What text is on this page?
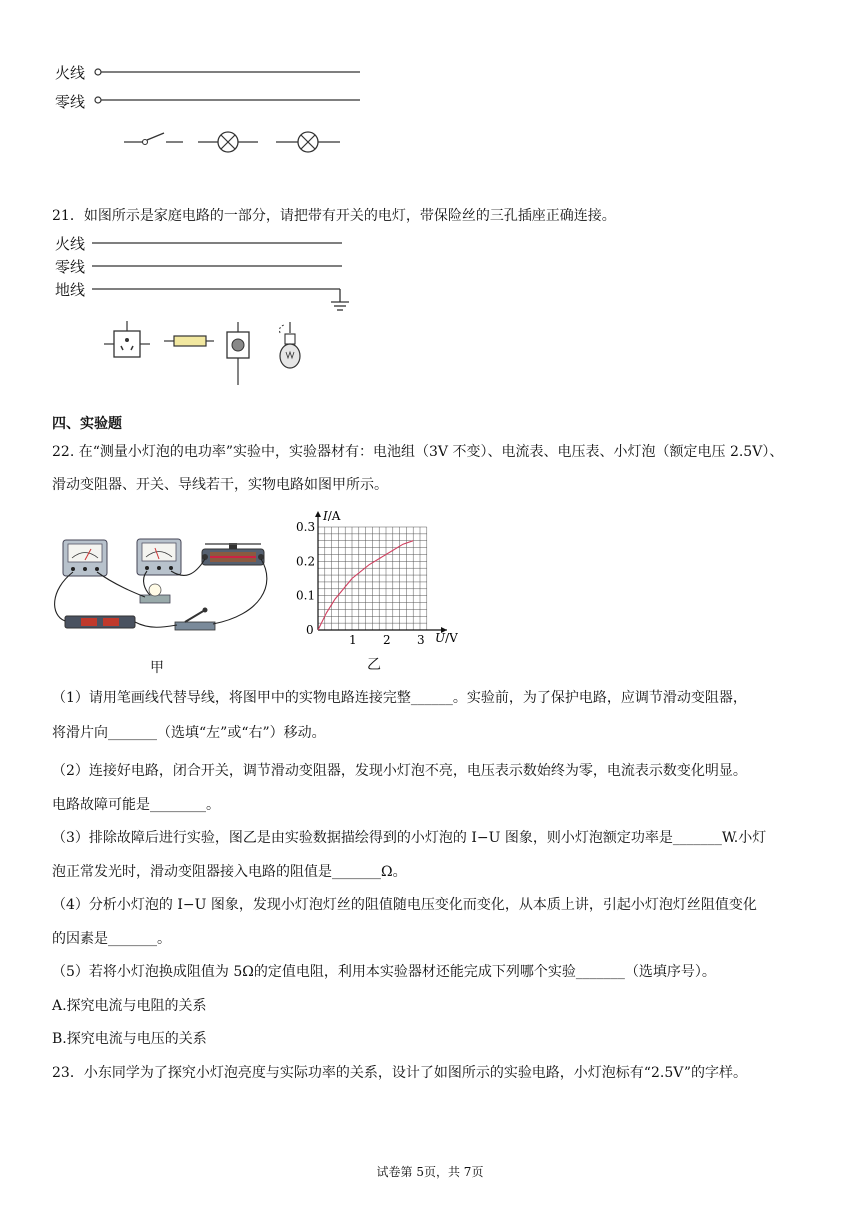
火线
零线
21．如图所示是家庭电路的一部分，请把带有开关的电灯，带保险丝的三孔插座正确连接。
火线
零线
地线
四、实验题
22. 在“测量小灯泡的电功率”实验中，实验器材有：电池组（3V 不变）、电流表、电压表、小灯泡（额定电压 2.5V）、
滑动变阻器、开关、导线若干，实物电路如图甲所示。
甲
0
1 2 3
0.1
0.2
0.3
I/A
U/V
乙
（1）请用笔画线代替导线，将图甲中的实物电路连接完整______。实验前，为了保护电路，应调节滑动变阻器，
将滑片向_______（选填“左”或“右”）移动。
（2）连接好电路，闭合开关，调节滑动变阻器，发现小灯泡不亮，电压表示数始终为零，电流表示数变化明显。
电路故障可能是________。
（3）排除故障后进行实验，图乙是由实验数据描绘得到的小灯泡的 I−U 图象，则小灯泡额定功率是_______W.小灯
泡正常发光时，滑动变阻器接入电路的阻值是_______Ω。
（4）分析小灯泡的 I−U 图象，发现小灯泡灯丝的阻值随电压变化而变化，从本质上讲，引起小灯泡灯丝阻值变化
的因素是_______。
（5）若将小灯泡换成阻值为 5Ω的定值电阻，利用本实验器材还能完成下列哪个实验_______（选填序号）。
A.探究电流与电阻的关系
B.探究电流与电压的关系
23．小东同学为了探究小灯泡亮度与实际功率的关系，设计了如图所示的实验电路，小灯泡标有“2.5V”的字样。
试卷第 5页，共 7页
